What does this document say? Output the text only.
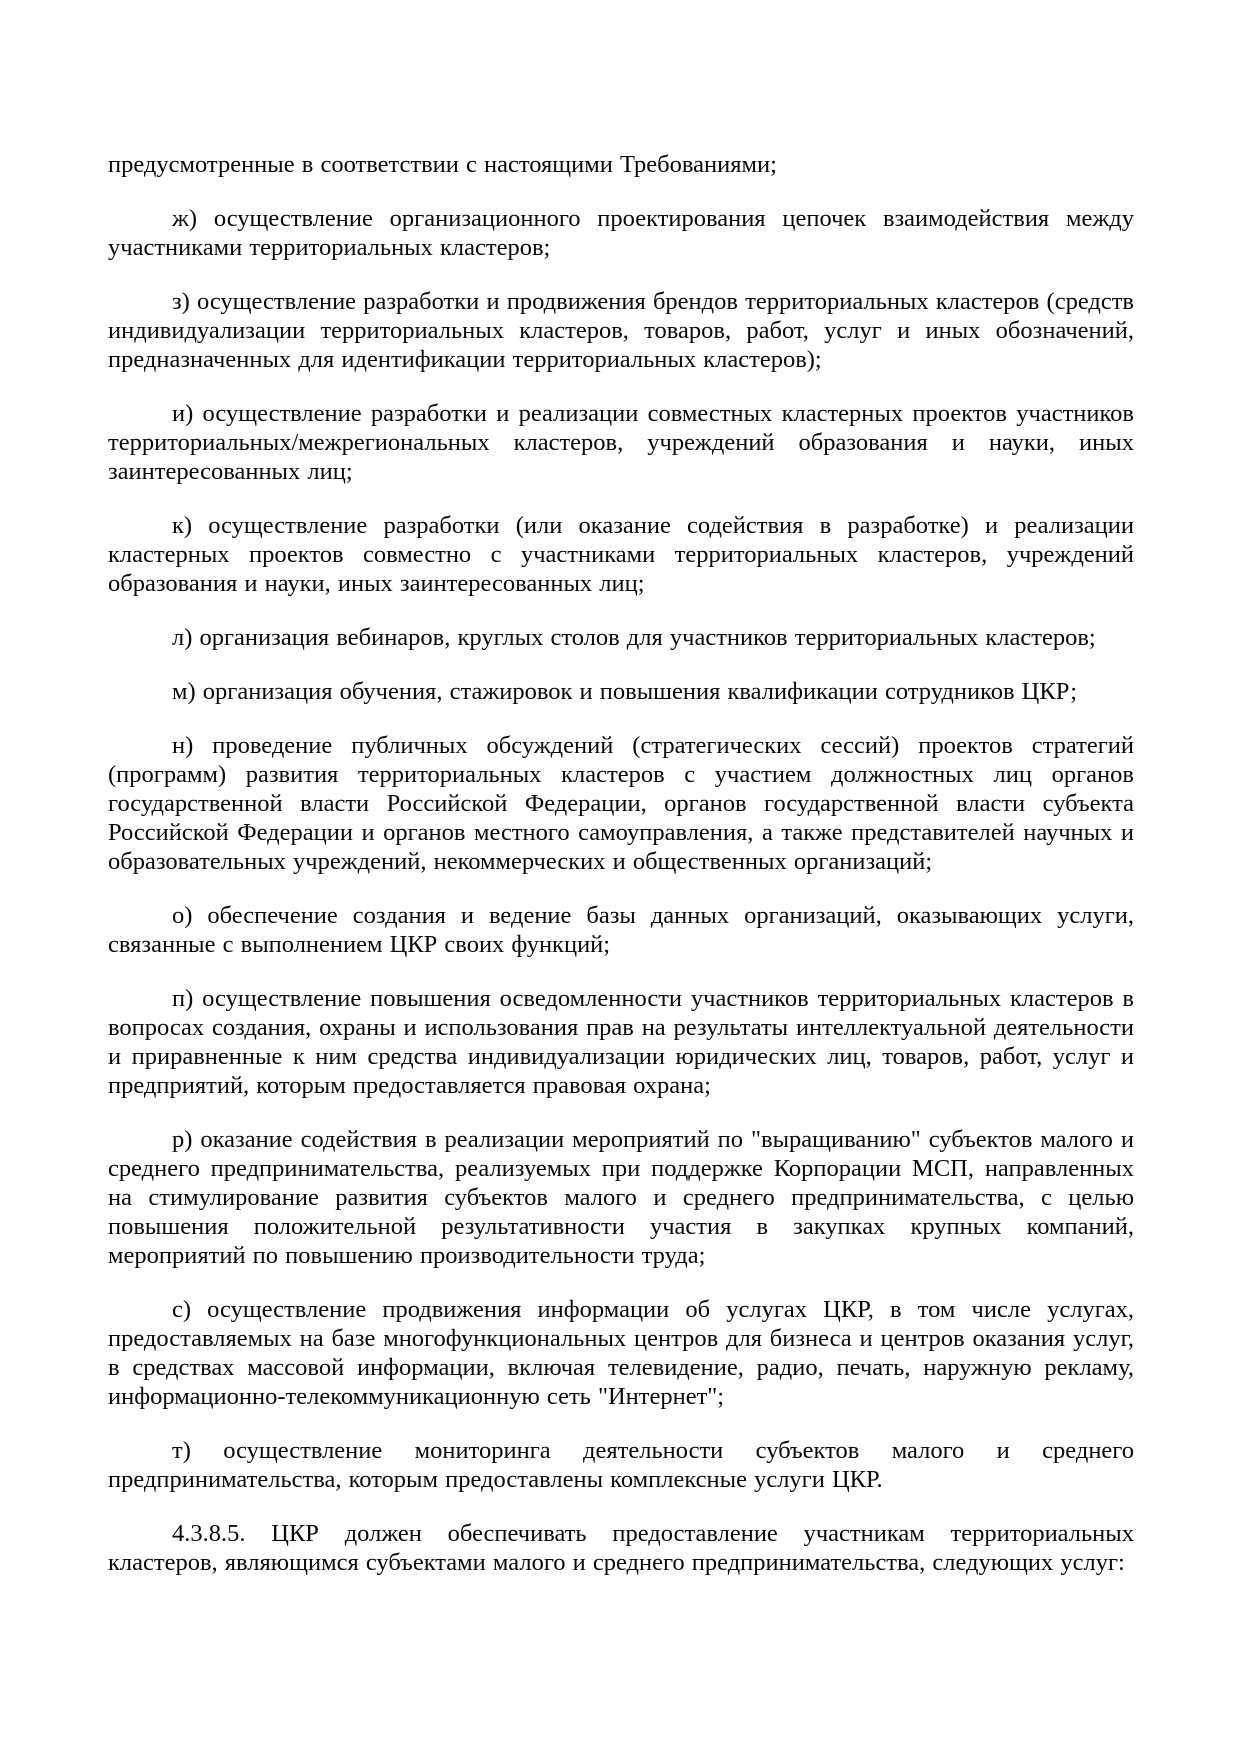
предусмотренные в соответствии с настоящими Требованиями;

ж) осуществление организационного проектирования цепочек взаимодействия между участниками территориальных кластеров;

з) осуществление разработки и продвижения брендов территориальных кластеров (средств индивидуализации территориальных кластеров, товаров, работ, услуг и иных обозначений, предназначенных для идентификации территориальных кластеров);

и) осуществление разработки и реализации совместных кластерных проектов участников территориальных/межрегиональных кластеров, учреждений образования и науки, иных заинтересованных лиц;

к) осуществление разработки (или оказание содействия в разработке) и реализации кластерных проектов совместно с участниками территориальных кластеров, учреждений образования и науки, иных заинтересованных лиц;

л) организация вебинаров, круглых столов для участников территориальных кластеров;

м) организация обучения, стажировок и повышения квалификации сотрудников ЦКР;

н) проведение публичных обсуждений (стратегических сессий) проектов стратегий (программ) развития территориальных кластеров с участием должностных лиц органов государственной власти Российской Федерации, органов государственной власти субъекта Российской Федерации и органов местного самоуправления, а также представителей научных и образовательных учреждений, некоммерческих и общественных организаций;

о) обеспечение создания и ведение базы данных организаций, оказывающих услуги, связанные с выполнением ЦКР своих функций;

п) осуществление повышения осведомленности участников территориальных кластеров в вопросах создания, охраны и использования прав на результаты интеллектуальной деятельности и приравненные к ним средства индивидуализации юридических лиц, товаров, работ, услуг и предприятий, которым предоставляется правовая охрана;

р) оказание содействия в реализации мероприятий по "выращиванию" субъектов малого и среднего предпринимательства, реализуемых при поддержке Корпорации МСП, направленных на стимулирование развития субъектов малого и среднего предпринимательства, с целью повышения положительной результативности участия в закупках крупных компаний, мероприятий по повышению производительности труда;

с) осуществление продвижения информации об услугах ЦКР, в том числе услугах, предоставляемых на базе многофункциональных центров для бизнеса и центров оказания услуг, в средствах массовой информации, включая телевидение, радио, печать, наружную рекламу, информационно-телекоммуникационную сеть "Интернет";

т) осуществление мониторинга деятельности субъектов малого и среднего предпринимательства, которым предоставлены комплексные услуги ЦКР.

4.3.8.5. ЦКР должен обеспечивать предоставление участникам территориальных кластеров, являющимся субъектами малого и среднего предпринимательства, следующих услуг:
